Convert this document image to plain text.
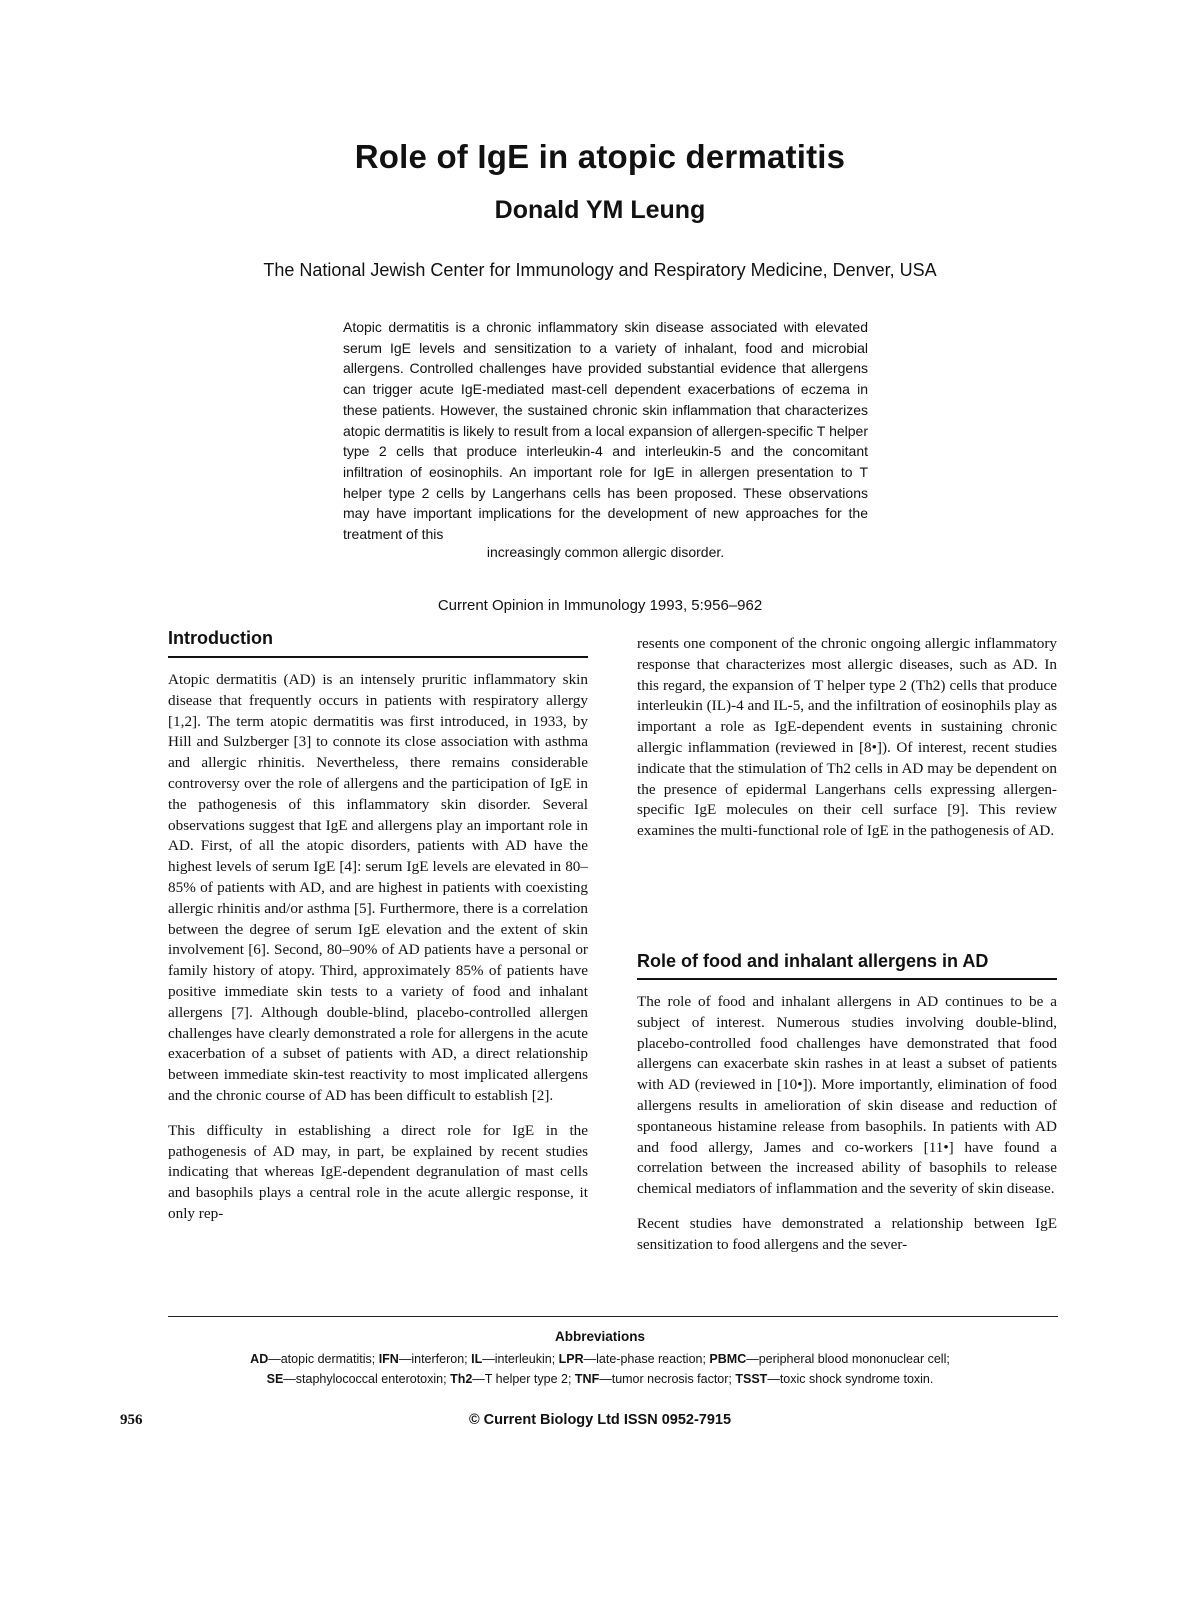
Role of IgE in atopic dermatitis
Donald YM Leung
The National Jewish Center for Immunology and Respiratory Medicine, Denver, USA
Atopic dermatitis is a chronic inflammatory skin disease associated with elevated serum IgE levels and sensitization to a variety of inhalant, food and microbial allergens. Controlled challenges have provided substantial evidence that allergens can trigger acute IgE-mediated mast-cell dependent exacerbations of eczema in these patients. However, the sustained chronic skin inflammation that characterizes atopic dermatitis is likely to result from a local expansion of allergen-specific T helper type 2 cells that produce interleukin-4 and interleukin-5 and the concomitant infiltration of eosinophils. An important role for IgE in allergen presentation to T helper type 2 cells by Langerhans cells has been proposed. These observations may have important implications for the development of new approaches for the treatment of this
increasingly common allergic disorder.
Current Opinion in Immunology 1993, 5:956–962
Introduction

Atopic dermatitis (AD) is an intensely pruritic inflammatory skin disease that frequently occurs in patients with respiratory allergy [1,2]. The term atopic dermatitis was first introduced, in 1933, by Hill and Sulzberger [3] to connote its close association with asthma and allergic rhinitis. Nevertheless, there remains considerable controversy over the role of allergens and the participation of IgE in the pathogenesis of this inflammatory skin disorder. Several observations suggest that IgE and allergens play an important role in AD. First, of all the atopic disorders, patients with AD have the highest levels of serum IgE [4]: serum IgE levels are elevated in 80–85% of patients with AD, and are highest in patients with coexisting allergic rhinitis and/or asthma [5]. Furthermore, there is a correlation between the degree of serum IgE elevation and the extent of skin involvement [6]. Second, 80–90% of AD patients have a personal or family history of atopy. Third, approximately 85% of patients have positive immediate skin tests to a variety of food and inhalant allergens [7]. Although double-blind, placebo-controlled allergen challenges have clearly demonstrated a role for allergens in the acute exacerbation of a subset of patients with AD, a direct relationship between immediate skin-test reactivity to most implicated allergens and the chronic course of AD has been difficult to establish [2].

This difficulty in establishing a direct role for IgE in the pathogenesis of AD may, in part, be explained by recent studies indicating that whereas IgE-dependent degranulation of mast cells and basophils plays a central role in the acute allergic response, it only rep-

resents one component of the chronic ongoing allergic inflammatory response that characterizes most allergic diseases, such as AD. In this regard, the expansion of T helper type 2 (Th2) cells that produce interleukin (IL)-4 and IL-5, and the infiltration of eosinophils play as important a role as IgE-dependent events in sustaining chronic allergic inflammation (reviewed in [8•]). Of interest, recent studies indicate that the stimulation of Th2 cells in AD may be dependent on the presence of epidermal Langerhans cells expressing allergen-specific IgE molecules on their cell surface [9]. This review examines the multi-functional role of IgE in the pathogenesis of AD.

Role of food and inhalant allergens in AD

The role of food and inhalant allergens in AD continues to be a subject of interest. Numerous studies involving double-blind, placebo-controlled food challenges have demonstrated that food allergens can exacerbate skin rashes in at least a subset of patients with AD (reviewed in [10•]). More importantly, elimination of food allergens results in amelioration of skin disease and reduction of spontaneous histamine release from basophils. In patients with AD and food allergy, James and co-workers [11•] have found a correlation between the increased ability of basophils to release chemical mediators of inflammation and the severity of skin disease.

Recent studies have demonstrated a relationship between IgE sensitization to food allergens and the sever-

Abbreviations
AD—atopic dermatitis; IFN—interferon; IL—interleukin; LPR—late-phase reaction; PBMC—peripheral blood mononuclear cell;
SE—staphylococcal enterotoxin; Th2—T helper type 2; TNF—tumor necrosis factor; TSST—toxic shock syndrome toxin.
956	© Current Biology Ltd ISSN 0952-7915
